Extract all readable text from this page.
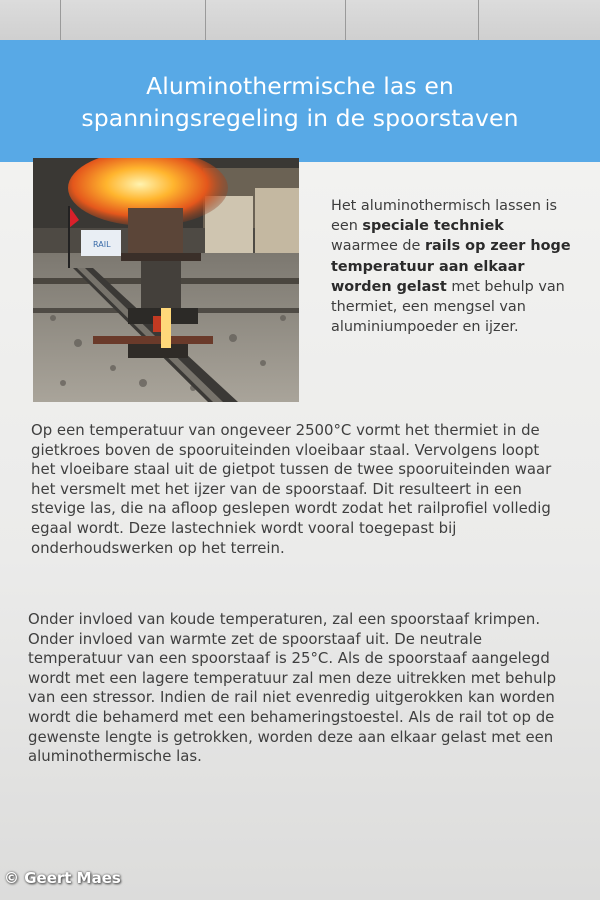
Aluminothermische las en
spanningsregeling in de spoorstaven
RAIL
Het aluminothermisch lassen is een speciale techniek waarmee de rails op zeer hoge temperatuur aan elkaar worden gelast met behulp van thermiet, een mengsel van aluminiumpoeder en ijzer.
Op een temperatuur van ongeveer 2500°C vormt het thermiet in de gietkroes boven de spooruiteinden vloeibaar staal. Vervolgens loopt het vloeibare staal uit de gietpot tussen de twee spooruiteinden waar het versmelt met het ijzer van de spoorstaaf. Dit resulteert in een stevige las, die na afloop geslepen wordt zodat het railprofiel volledig egaal wordt. Deze lastechniek wordt vooral toegepast bij onderhoudswerken op het terrein.
Onder invloed van koude temperaturen, zal een spoorstaaf krimpen. Onder invloed van warmte zet de spoorstaaf uit. De neutrale temperatuur van een spoorstaaf is 25°C. Als de spoorstaaf aangelegd wordt met een lagere temperatuur zal men deze uitrekken met behulp van een stressor. Indien de rail niet evenredig uitgerokken kan worden wordt die behamerd met een behameringstoestel. Als de rail tot op de gewenste lengte is getrokken, worden deze aan elkaar gelast met een aluminothermische las.
© Geert Maes
